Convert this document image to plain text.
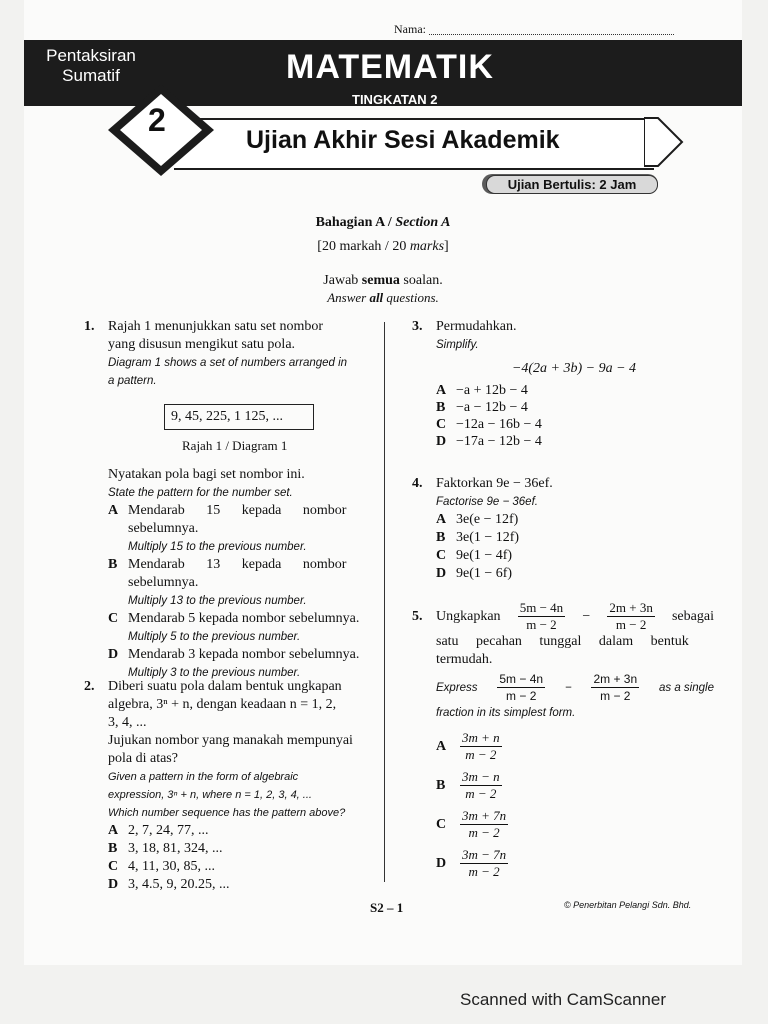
Nama:
Pentaksiran
Sumatif	MATEMATIK
TINGKATAN 2
Ujian Akhir Sesi Akademik
2
Ujian Bertulis: 2 Jam
Bahagian A / Section A
[20 markah / 20 marks]
Jawab semua soalan.
Answer all questions.
1. Rajah 1 menunjukkan satu set nombor
yang disusun mengikut satu pola.
Diagram 1 shows a set of numbers arranged in
a pattern.
9, 45, 225, 1 125, ...
Rajah 1 / Diagram 1
Nyatakan pola bagi set nombor ini.
State the pattern for the number set.
A Mendarab 15 kepada nombor
sebelumnya.
Multiply 15 to the previous number.
B Mendarab 13 kepada nombor
sebelumnya.
Multiply 13 to the previous number.
C Mendarab 5 kepada nombor sebelumnya.
Multiply 5 to the previous number.
D Mendarab 3 kepada nombor sebelumnya.
Multiply 3 to the previous number.
2. Diberi suatu pola dalam bentuk ungkapan
algebra, 3ⁿ + n, dengan keadaan n = 1, 2,
3, 4, ...
Jujukan nombor yang manakah mempunyai
pola di atas?
Given a pattern in the form of algebraic
expression, 3ⁿ + n, where n = 1, 2, 3, 4, ...
Which number sequence has the pattern above?
A 2, 7, 24, 77, ...
B 3, 18, 81, 324, ...
C 4, 11, 30, 85, ...
D 3, 4.5, 9, 20.25, ...
3. Permudahkan.
Simplify.
−4(2a + 3b) − 9a − 4
A −a + 12b − 4
B −a − 12b − 4
C −12a − 16b − 4
D −17a − 12b − 4
4. Faktorkan 9e − 36ef.
Factorise 9e − 36ef.
A 3e(e − 12f)
B 3e(1 − 12f)
C 9e(1 − 4f)
D 9e(1 − 6f)
5. Ungkapkan $\frac{5m - 4n}{m - 2} - \frac{2m + 3n}{m - 2}$ sebagai
satu pecahan tunggal dalam bentuk
termudah.
Express $\frac{5m - 4n}{m - 2} - \frac{2m + 3n}{m - 2}$ as a single
fraction in its simplest form.
A $\frac{3m + n}{m - 2}$
B $\frac{3m - n}{m - 2}$
C $\frac{3m + 7n}{m - 2}$
D $\frac{3m - 7n}{m - 2}$
S2 – 1	© Penerbitan Pelangi Sdn. Bhd.
Scanned with CamScanner
